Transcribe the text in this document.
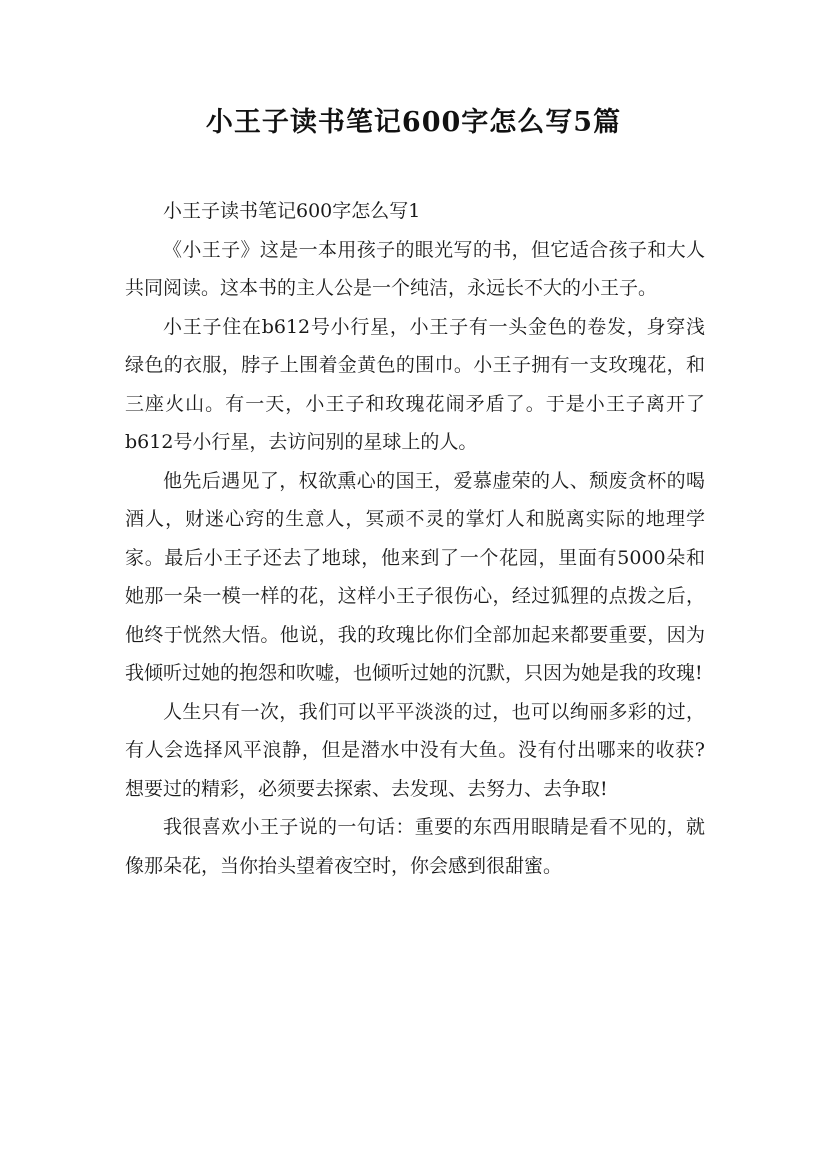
小王子读书笔记600字怎么写5篇

小王子读书笔记600字怎么写1

《小王子》这是一本用孩子的眼光写的书，但它适合孩子和大人共同阅读。这本书的主人公是一个纯洁，永远长不大的小王子。

小王子住在b612号小行星，小王子有一头金色的卷发，身穿浅绿色的衣服，脖子上围着金黄色的围巾。小王子拥有一支玫瑰花，和三座火山。有一天，小王子和玫瑰花闹矛盾了。于是小王子离开了b612号小行星，去访问别的星球上的人。

他先后遇见了，权欲熏心的国王，爱慕虚荣的人、颓废贪杯的喝酒人，财迷心窍的生意人，冥顽不灵的掌灯人和脱离实际的地理学家。最后小王子还去了地球，他来到了一个花园，里面有5000朵和她那一朵一模一样的花，这样小王子很伤心，经过狐狸的点拨之后，他终于恍然大悟。他说，我的玫瑰比你们全部加起来都要重要，因为我倾听过她的抱怨和吹嘘，也倾听过她的沉默，只因为她是我的玫瑰!

人生只有一次，我们可以平平淡淡的过，也可以绚丽多彩的过，有人会选择风平浪静，但是潜水中没有大鱼。没有付出哪来的收获?想要过的精彩，必须要去探索、去发现、去努力、去争取!

我很喜欢小王子说的一句话：重要的东西用眼睛是看不见的，就像那朵花，当你抬头望着夜空时，你会感到很甜蜜。
